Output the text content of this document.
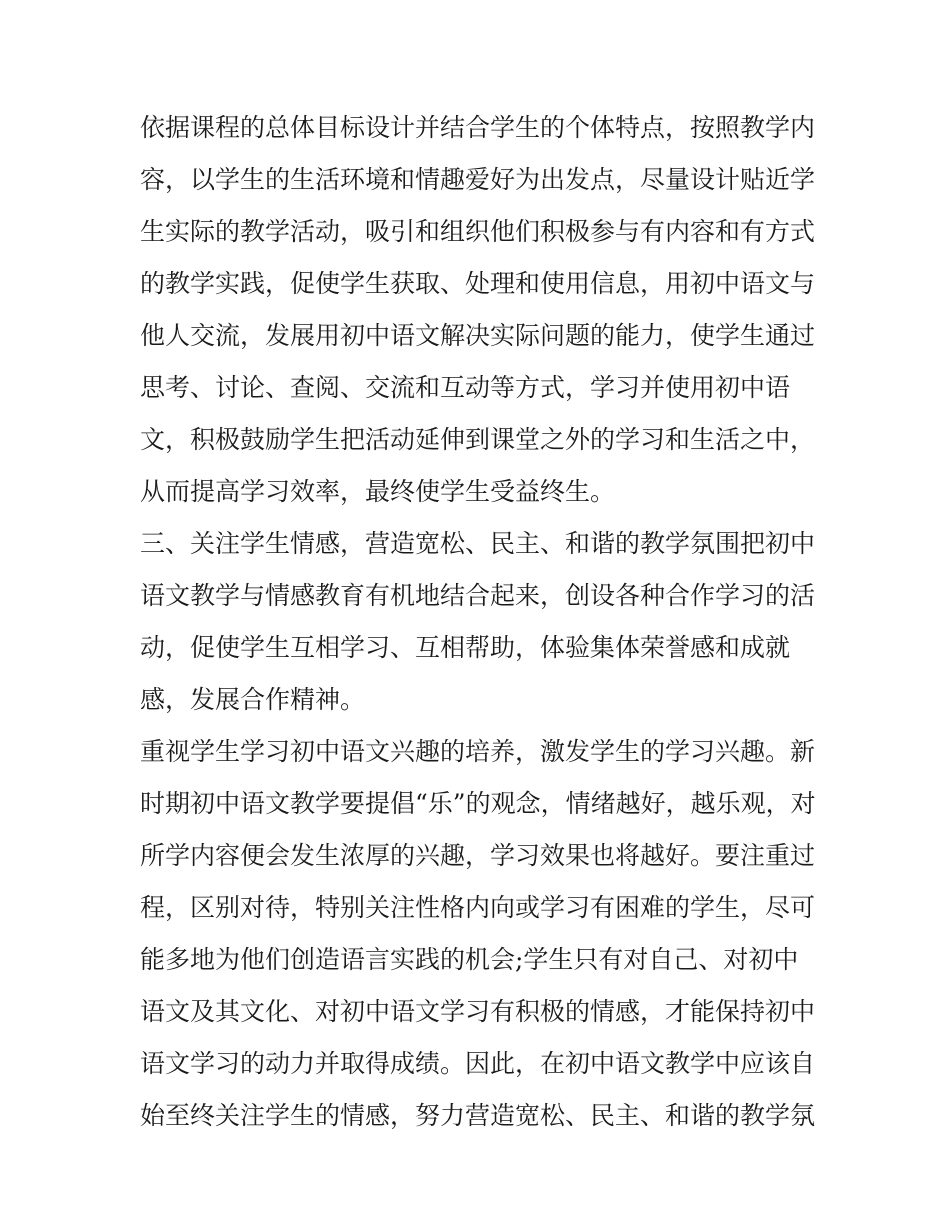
依据课程的总体目标设计并结合学生的个体特点，按照教学内
容，以学生的生活环境和情趣爱好为出发点，尽量设计贴近学
生实际的教学活动，吸引和组织他们积极参与有内容和有方式
的教学实践，促使学生获取、处理和使用信息，用初中语文与
他人交流，发展用初中语文解决实际问题的能力，使学生通过
思考、讨论、查阅、交流和互动等方式，学习并使用初中语
文，积极鼓励学生把活动延伸到课堂之外的学习和生活之中，
从而提高学习效率，最终使学生受益终生。
三、关注学生情感，营造宽松、民主、和谐的教学氛围把初中
语文教学与情感教育有机地结合起来，创设各种合作学习的活
动，促使学生互相学习、互相帮助，体验集体荣誉感和成就
感，发展合作精神。
重视学生学习初中语文兴趣的培养，激发学生的学习兴趣。新
时期初中语文教学要提倡“乐”的观念，情绪越好，越乐观，对
所学内容便会发生浓厚的兴趣，学习效果也将越好。要注重过
程，区别对待，特别关注性格内向或学习有困难的学生，尽可
能多地为他们创造语言实践的机会;学生只有对自己、对初中
语文及其文化、对初中语文学习有积极的情感，才能保持初中
语文学习的动力并取得成绩。因此，在初中语文教学中应该自
始至终关注学生的情感，努力营造宽松、民主、和谐的教学氛
